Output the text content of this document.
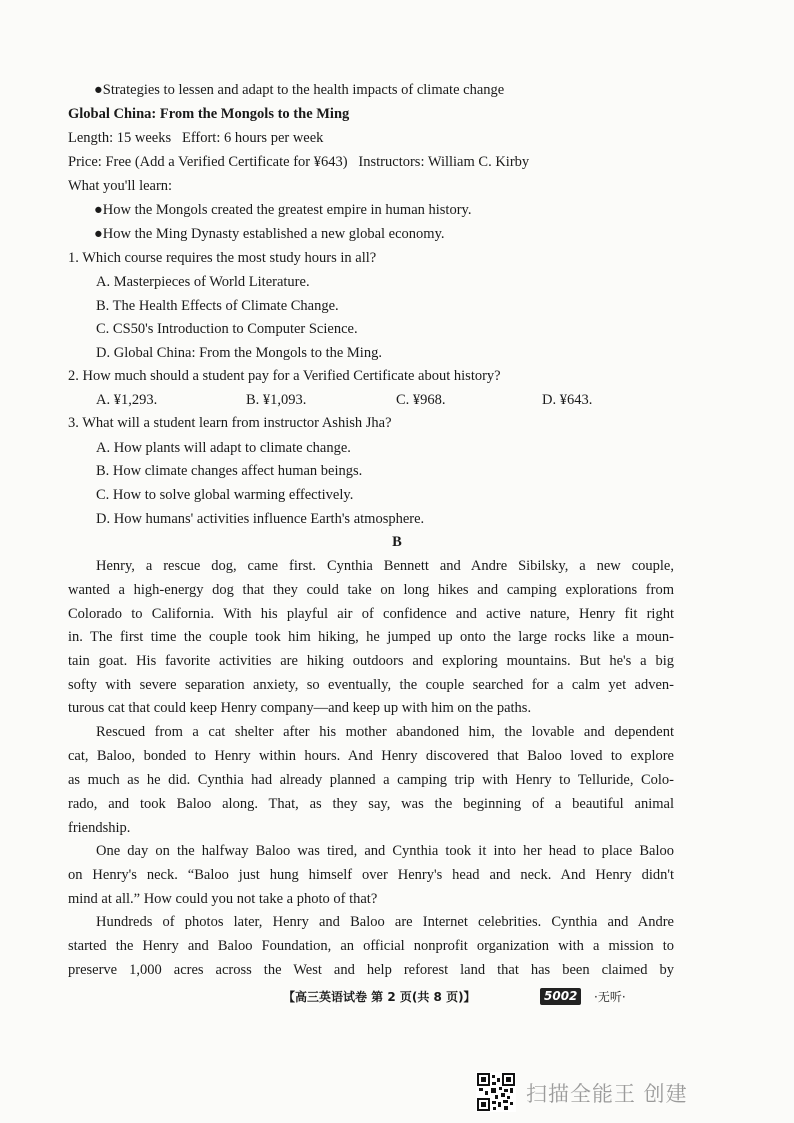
●Strategies to lessen and adapt to the health impacts of climate change
Global China: From the Mongols to the Ming
Length: 15 weeks   Effort: 6 hours per week
Price: Free (Add a Verified Certificate for ¥643)   Instructors: William C. Kirby
What you'll learn:
●How the Mongols created the greatest empire in human history.
●How the Ming Dynasty established a new global economy.
1. Which course requires the most study hours in all?
A. Masterpieces of World Literature.
B. The Health Effects of Climate Change.
C. CS50's Introduction to Computer Science.
D. Global China: From the Mongols to the Ming.
2. How much should a student pay for a Verified Certificate about history?
A. ¥1,293.	B. ¥1,093.	C. ¥968.	D. ¥643.
3. What will a student learn from instructor Ashish Jha?
A. How plants will adapt to climate change.
B. How climate changes affect human beings.
C. How to solve global warming effectively.
D. How humans' activities influence Earth's atmosphere.
B
Henry, a rescue dog, came first. Cynthia Bennett and Andre Sibilsky, a new couple,
wanted a high-energy dog that they could take on long hikes and camping explorations from
Colorado to California. With his playful air of confidence and active nature, Henry fit right
in. The first time the couple took him hiking, he jumped up onto the large rocks like a moun-
tain goat. His favorite activities are hiking outdoors and exploring mountains. But he's a big
softy with severe separation anxiety, so eventually, the couple searched for a calm yet adven-
turous cat that could keep Henry company—and keep up with him on the paths.
Rescued from a cat shelter after his mother abandoned him, the lovable and dependent
cat, Baloo, bonded to Henry within hours. And Henry discovered that Baloo loved to explore
as much as he did. Cynthia had already planned a camping trip with Henry to Telluride, Colo-
rado, and took Baloo along. That, as they say, was the beginning of a beautiful animal
friendship.
One day on the halfway Baloo was tired, and Cynthia took it into her head to place Baloo
on Henry's neck. “Baloo just hung himself over Henry's head and neck. And Henry didn't
mind at all.” How could you not take a photo of that?
Hundreds of photos later, Henry and Baloo are Internet celebrities. Cynthia and Andre
started the Henry and Baloo Foundation, an official nonprofit organization with a mission to
preserve 1,000 acres across the West and help reforest land that has been claimed by
【高三英语试卷 第 2 页(共 8 页)】	5002	·无听·
扫描全能王 创建
